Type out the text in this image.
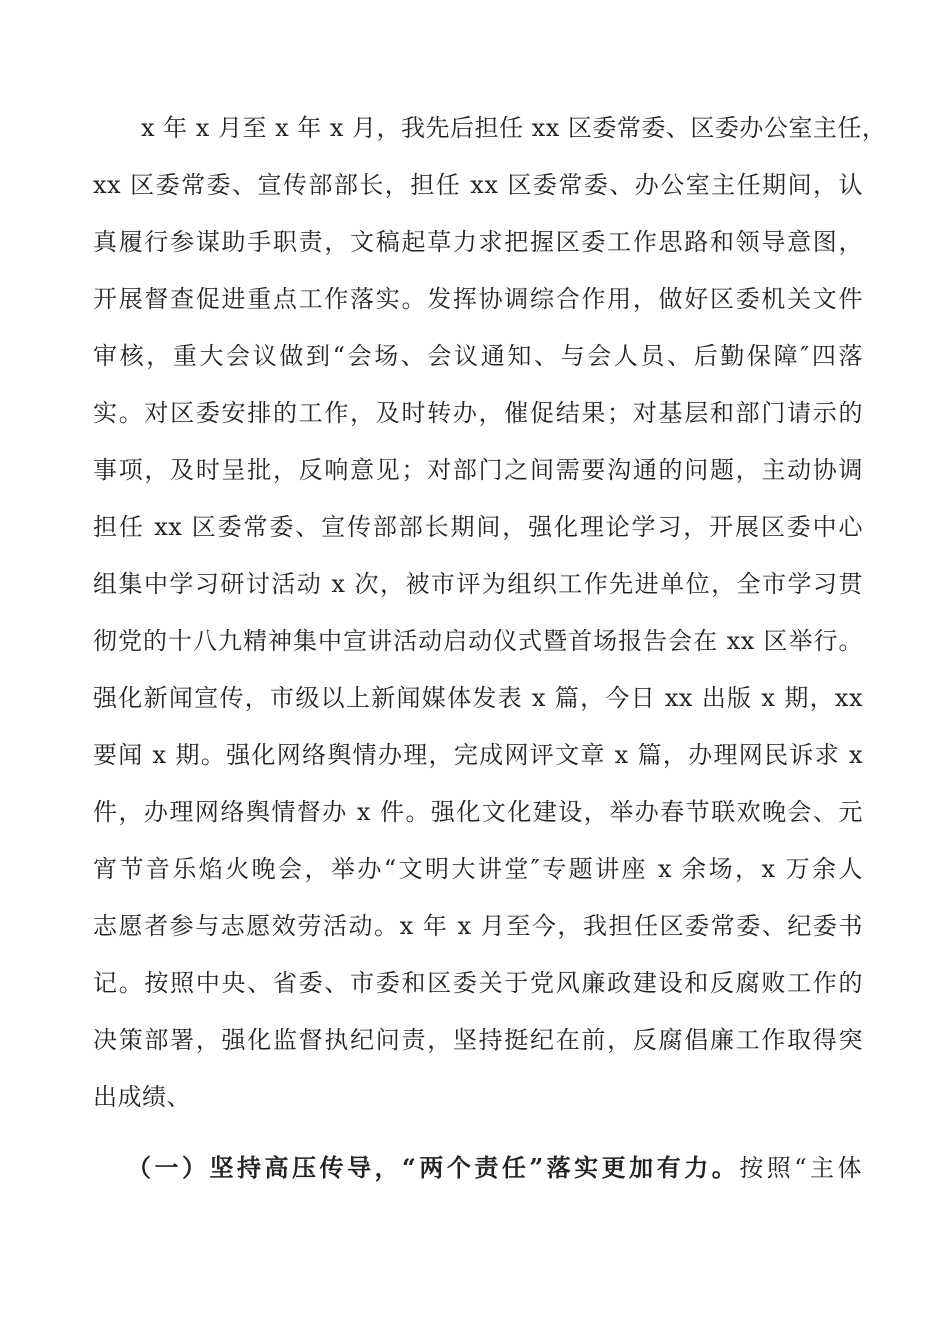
x 年 x 月至 x 年 x 月，我先后担任 xx 区委常委、区委办公室主任，
xx 区委常委、宣传部部长，担任 xx 区委常委、办公室主任期间，认
真履行参谋助手职责，文稿起草力求把握区委工作思路和领导意图，
开展督查促进重点工作落实。发挥协调综合作用，做好区委机关文件
审核，重大会议做到“会场、会议通知、与会人员、后勤保障″四落
实。对区委安排的工作，及时转办，催促结果；对基层和部门请示的
事项，及时呈批，反响意见；对部门之间需要沟通的问题，主动协调
担任 xx 区委常委、宣传部部长期间，强化理论学习，开展区委中心
组集中学习研讨活动 x 次，被市评为组织工作先进单位，全市学习贯
彻党的十八九精神集中宣讲活动启动仪式暨首场报告会在 xx 区举行。
强化新闻宣传，市级以上新闻媒体发表 x 篇，今日 xx 出版 x 期，xx
要闻 x 期。强化网络舆情办理，完成网评文章 x 篇，办理网民诉求 x
件，办理网络舆情督办 x 件。强化文化建设，举办春节联欢晚会、元
宵节音乐焰火晚会，举办“文明大讲堂″专题讲座 x 余场，x 万余人
志愿者参与志愿效劳活动。x 年 x 月至今，我担任区委常委、纪委书
记。按照中央、省委、市委和区委关于党风廉政建设和反腐败工作的
决策部署，强化监督执纪问责，坚持挺纪在前，反腐倡廉工作取得突
出成绩、
（一）坚持高压传导，“两个责任”落实更加有力。按照“主体
